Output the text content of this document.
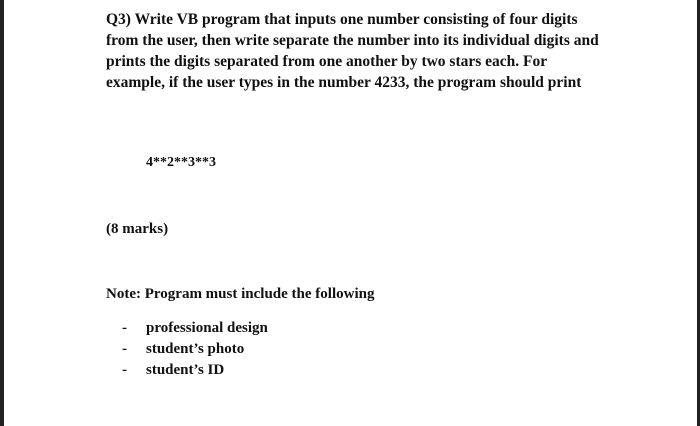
Q3) Write VB program that inputs one number consisting of four digits from the user, then write separate the number into its individual digits and prints the digits separated from one another by two stars each. For example, if the user types in the number 4233, the program should print

4**2**3**3

(8 marks)

Note: Program must include the following

-	professional design
-	student’s photo
-	student’s ID
